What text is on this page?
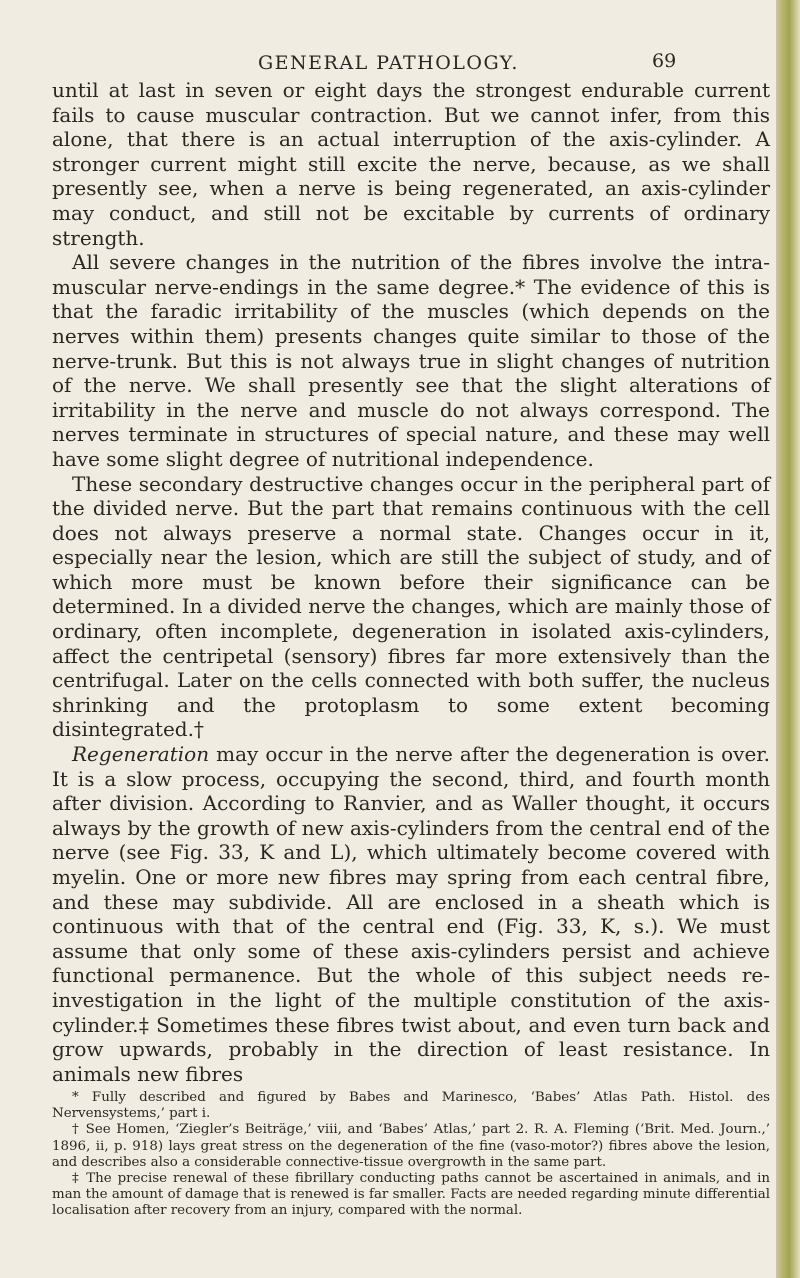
GENERAL PATHOLOGY.	69

until at last in seven or eight days the strongest endurable current fails to cause muscular contraction. But we cannot infer, from this alone, that there is an actual interruption of the axis-cylinder. A stronger current might still excite the nerve, because, as we shall presently see, when a nerve is being regenerated, an axis-cylinder may conduct, and still not be excitable by currents of ordinary strength.

All severe changes in the nutrition of the fibres involve the intra-muscular nerve-endings in the same degree.* The evidence of this is that the faradic irritability of the muscles (which depends on the nerves within them) presents changes quite similar to those of the nerve-trunk. But this is not always true in slight changes of nutrition of the nerve. We shall presently see that the slight alterations of irritability in the nerve and muscle do not always correspond. The nerves terminate in structures of special nature, and these may well have some slight degree of nutritional independence.

These secondary destructive changes occur in the peripheral part of the divided nerve. But the part that remains continuous with the cell does not always preserve a normal state. Changes occur in it, especially near the lesion, which are still the subject of study, and of which more must be known before their significance can be determined. In a divided nerve the changes, which are mainly those of ordinary, often incomplete, degeneration in isolated axis-cylinders, affect the centripetal (sensory) fibres far more extensively than the centrifugal. Later on the cells connected with both suffer, the nucleus shrinking and the protoplasm to some extent becoming disintegrated.†

Regeneration may occur in the nerve after the degeneration is over. It is a slow process, occupying the second, third, and fourth month after division. According to Ranvier, and as Waller thought, it occurs always by the growth of new axis-cylinders from the central end of the nerve (see Fig. 33, K and L), which ultimately become covered with myelin. One or more new fibres may spring from each central fibre, and these may subdivide. All are enclosed in a sheath which is continuous with that of the central end (Fig. 33, K, s.). We must assume that only some of these axis-cylinders persist and achieve functional permanence. But the whole of this subject needs re-investigation in the light of the multiple constitution of the axis-cylinder.‡ Sometimes these fibres twist about, and even turn back and grow upwards, probably in the direction of least resistance. In animals new fibres

* Fully described and figured by Babes and Marinesco, ‘Babes’ Atlas Path. Histol. des Nervensystems,’ part i.

† See Homen, ‘Ziegler’s Beiträge,’ viii, and ‘Babes’ Atlas,’ part 2. R. A. Fleming (‘Brit. Med. Journ.,’ 1896, ii, p. 918) lays great stress on the degeneration of the fine (vaso-motor?) fibres above the lesion, and describes also a considerable connective-tissue overgrowth in the same part.

‡ The precise renewal of these fibrillary conducting paths cannot be ascertained in animals, and in man the amount of damage that is renewed is far smaller. Facts are needed regarding minute differential localisation after recovery from an injury, compared with the normal.
